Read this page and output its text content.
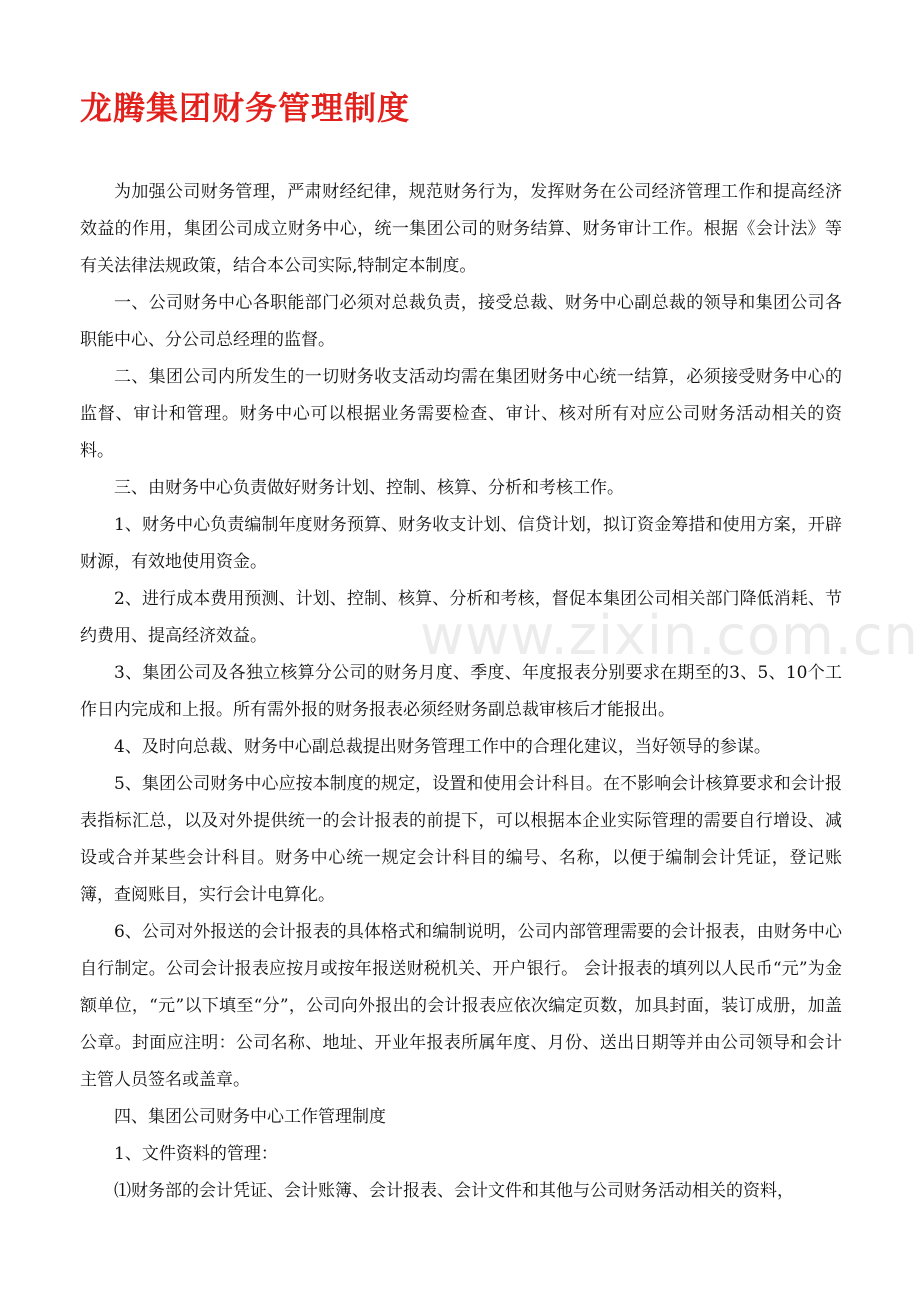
龙腾集团财务管理制度

为加强公司财务管理，严肃财经纪律，规范财务行为，发挥财务在公司经济管理工作和提高经济效益的作用，集团公司成立财务中心，统一集团公司的财务结算、财务审计工作。根据《会计法》等有关法律法规政策，结合本公司实际,特制定本制度。

一、公司财务中心各职能部门必须对总裁负责，接受总裁、财务中心副总裁的领导和集团公司各职能中心、分公司总经理的监督。

二、集团公司内所发生的一切财务收支活动均需在集团财务中心统一结算，必须接受财务中心的监督、审计和管理。财务中心可以根据业务需要检查、审计、核对所有对应公司财务活动相关的资料。

三、由财务中心负责做好财务计划、控制、核算、分析和考核工作。

1、财务中心负责编制年度财务预算、财务收支计划、信贷计划，拟订资金筹措和使用方案，开辟财源，有效地使用资金。

2、进行成本费用预测、计划、控制、核算、分析和考核，督促本集团公司相关部门降低消耗、节约费用、提高经济效益。

3、集团公司及各独立核算分公司的财务月度、季度、年度报表分别要求在期至的3、5、10个工作日内完成和上报。所有需外报的财务报表必须经财务副总裁审核后才能报出。

4、及时向总裁、财务中心副总裁提出财务管理工作中的合理化建议，当好领导的参谋。

5、集团公司财务中心应按本制度的规定，设置和使用会计科目。在不影响会计核算要求和会计报表指标汇总，以及对外提供统一的会计报表的前提下，可以根据本企业实际管理的需要自行增设、减设或合并某些会计科目。财务中心统一规定会计科目的编号、名称，以便于编制会计凭证，登记账簿，查阅账目，实行会计电算化。

6、公司对外报送的会计报表的具体格式和编制说明，公司内部管理需要的会计报表，由财务中心自行制定。公司会计报表应按月或按年报送财税机关、开户银行。 会计报表的填列以人民币“元”为金额单位，“元”以下填至“分”，公司向外报出的会计报表应依次编定页数，加具封面，装订成册，加盖公章。封面应注明：公司名称、地址、开业年报表所属年度、月份、送出日期等并由公司领导和会计主管人员签名或盖章。

四、集团公司财务中心工作管理制度

1、文件资料的管理：

⑴财务部的会计凭证、会计账簿、会计报表、会计文件和其他与公司财务活动相关的资料，

www.zixin.com.cn
